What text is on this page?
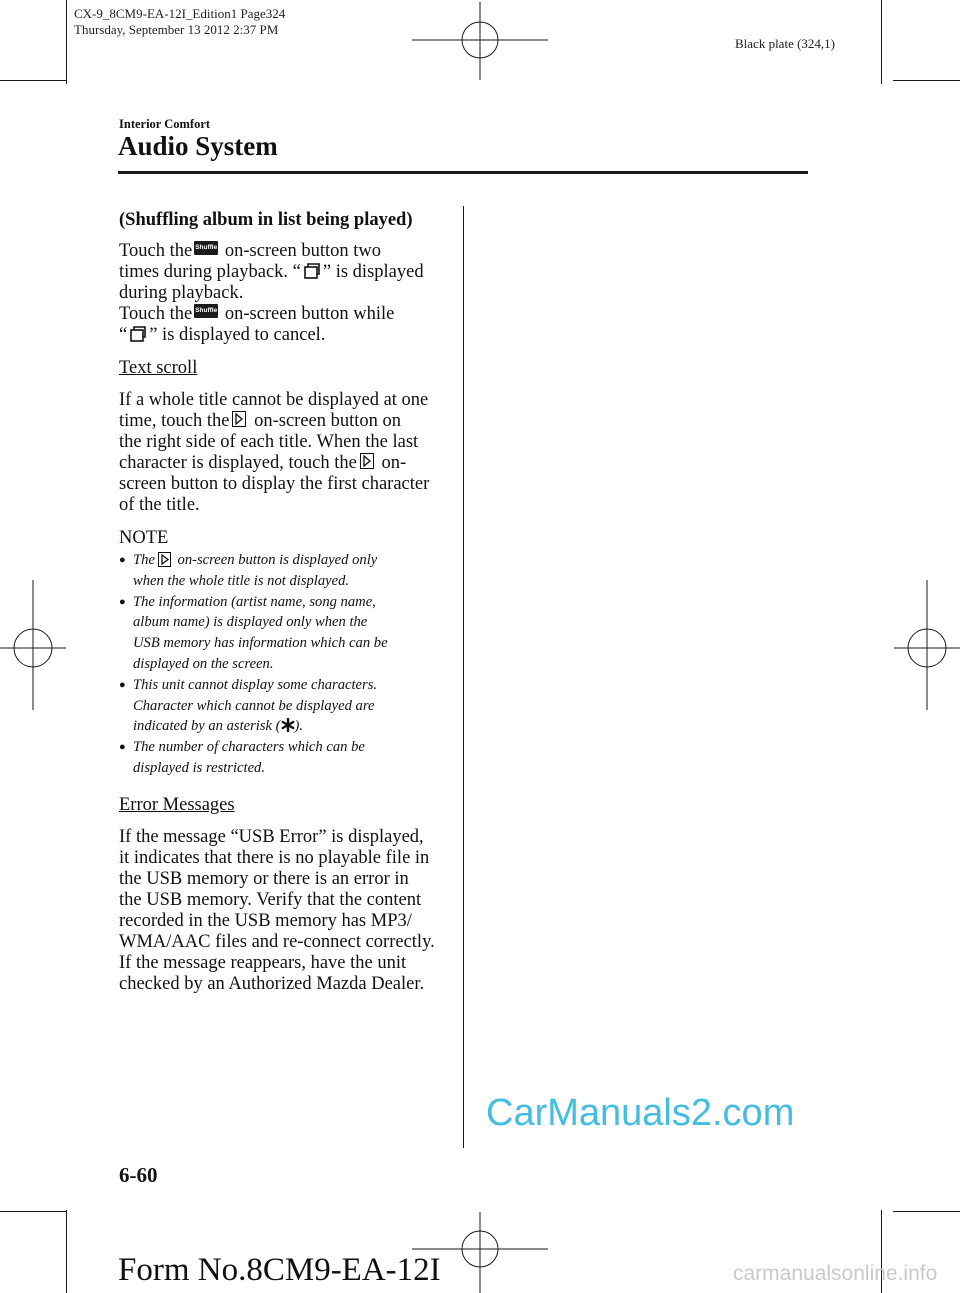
CX-9_8CM9-EA-12I_Edition1 Page324
Thursday, September 13 2012 2:37 PM
Black plate (324,1)
Interior Comfort
Audio System

(Shuffling album in list being played)

Touch the Shuffle on-screen button two
times during playback. “ ” is displayed
during playback.

Touch the Shuffle on-screen button while
“ ” is displayed to cancel.

Text scroll

If a whole title cannot be displayed at one
time, touch the on-screen button on
the right side of each title. When the last
character is displayed, touch the on-
screen button to display the first character
of the title.

NOTE

● The on-screen button is displayed only
when the whole title is not displayed.
● The information (artist name, song name,
album name) is displayed only when the
USB memory has information which can be
displayed on the screen.
● This unit cannot display some characters.
Character which cannot be displayed are
indicated by an asterisk ( ).
● The number of characters which can be
displayed is restricted.

Error Messages

If the message “USB Error” is displayed,
it indicates that there is no playable file in
the USB memory or there is an error in
the USB memory. Verify that the content
recorded in the USB memory has MP3/
WMA/AAC files and re-connect correctly.
If the message reappears, have the unit
checked by an Authorized Mazda Dealer.

CarManuals2.com
6-60
Form No.8CM9-EA-12I	carmanualsonline.info
